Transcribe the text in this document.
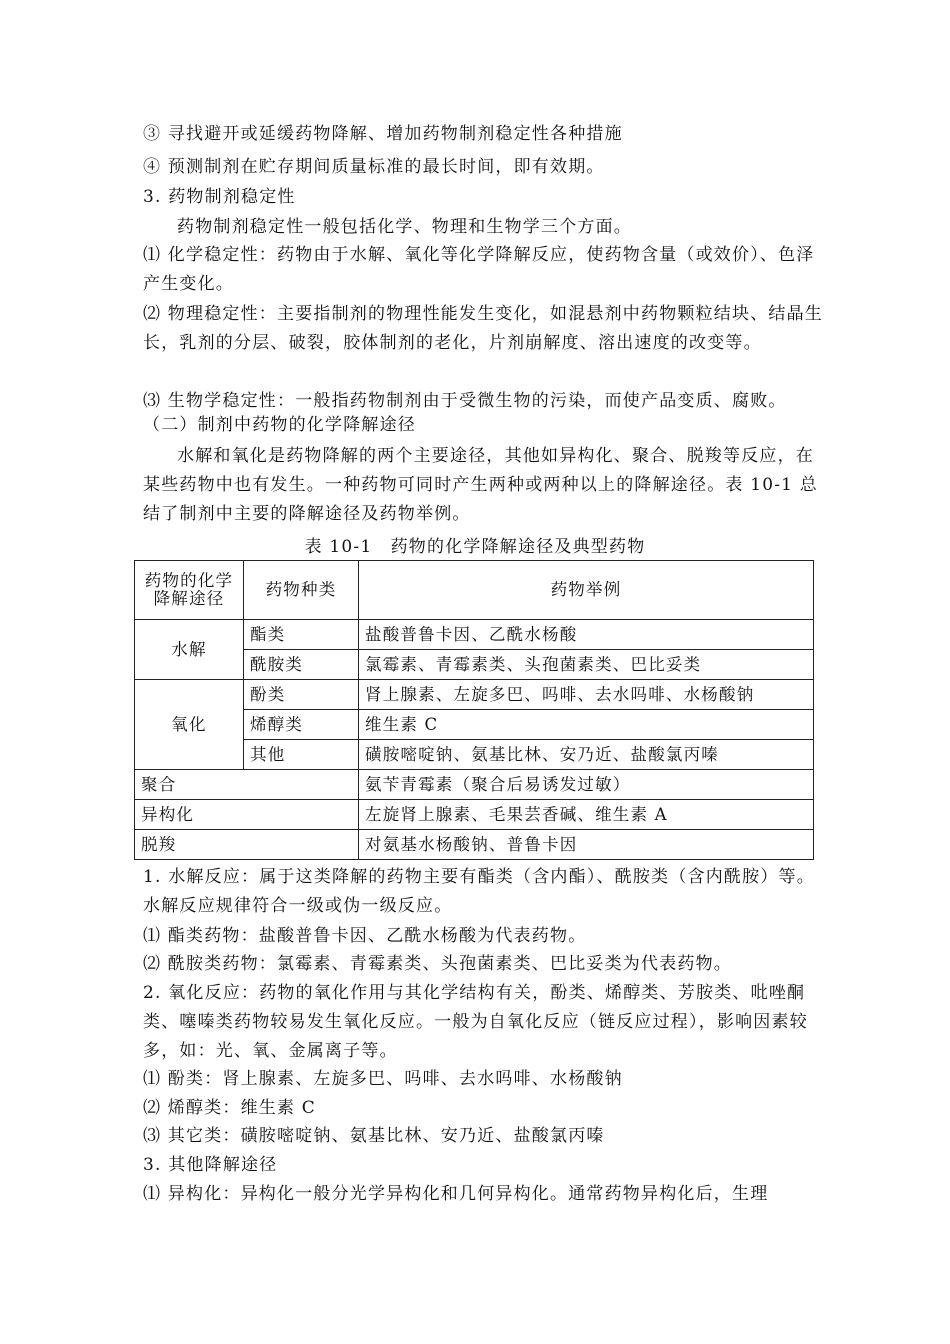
③ 寻找避开或延缓药物降解、增加药物制剂稳定性各种措施
④ 预测制剂在贮存期间质量标准的最长时间，即有效期。
3. 药物制剂稳定性
药物制剂稳定性一般包括化学、物理和生物学三个方面。
⑴ 化学稳定性：药物由于水解、氧化等化学降解反应，使药物含量（或效价）、色泽产生变化。
⑵ 物理稳定性：主要指制剂的物理性能发生变化，如混悬剂中药物颗粒结块、结晶生长，乳剂的分层、破裂，胶体制剂的老化，片剂崩解度、溶出速度的改变等。
⑶ 生物学稳定性：一般指药物制剂由于受微生物的污染，而使产品变质、腐败。
（二）制剂中药物的化学降解途径
水解和氧化是药物降解的两个主要途径，其他如异构化、聚合、脱羧等反应，在某些药物中也有发生。一种药物可同时产生两种或两种以上的降解途径。表 10-1 总结了制剂中主要的降解途径及药物举例。
表 10-1　药物的化学降解途径及典型药物
药物的化学降解途径	药物种类	药物举例
水解	酯类	盐酸普鲁卡因、乙酰水杨酸
	酰胺类	氯霉素、青霉素类、头孢菌素类、巴比妥类
氧化	酚类	肾上腺素、左旋多巴、吗啡、去水吗啡、水杨酸钠
	烯醇类	维生素 C
	其他	磺胺嘧啶钠、氨基比林、安乃近、盐酸氯丙嗪
聚合		氨苄青霉素（聚合后易诱发过敏）
异构化		左旋肾上腺素、毛果芸香碱、维生素 A
脱羧		对氨基水杨酸钠、普鲁卡因
1. 水解反应：属于这类降解的药物主要有酯类（含内酯）、酰胺类（含内酰胺）等。水解反应规律符合一级或伪一级反应。
⑴ 酯类药物：盐酸普鲁卡因、乙酰水杨酸为代表药物。
⑵ 酰胺类药物：氯霉素、青霉素类、头孢菌素类、巴比妥类为代表药物。
2. 氧化反应：药物的氧化作用与其化学结构有关，酚类、烯醇类、芳胺类、吡唑酮类、噻嗪类药物较易发生氧化反应。一般为自氧化反应（链反应过程），影响因素较多，如：光、氧、金属离子等。
⑴ 酚类：肾上腺素、左旋多巴、吗啡、去水吗啡、水杨酸钠
⑵ 烯醇类：维生素 C
⑶ 其它类：磺胺嘧啶钠、氨基比林、安乃近、盐酸氯丙嗪
3. 其他降解途径
⑴ 异构化：异构化一般分光学异构化和几何异构化。通常药物异构化后，生理
